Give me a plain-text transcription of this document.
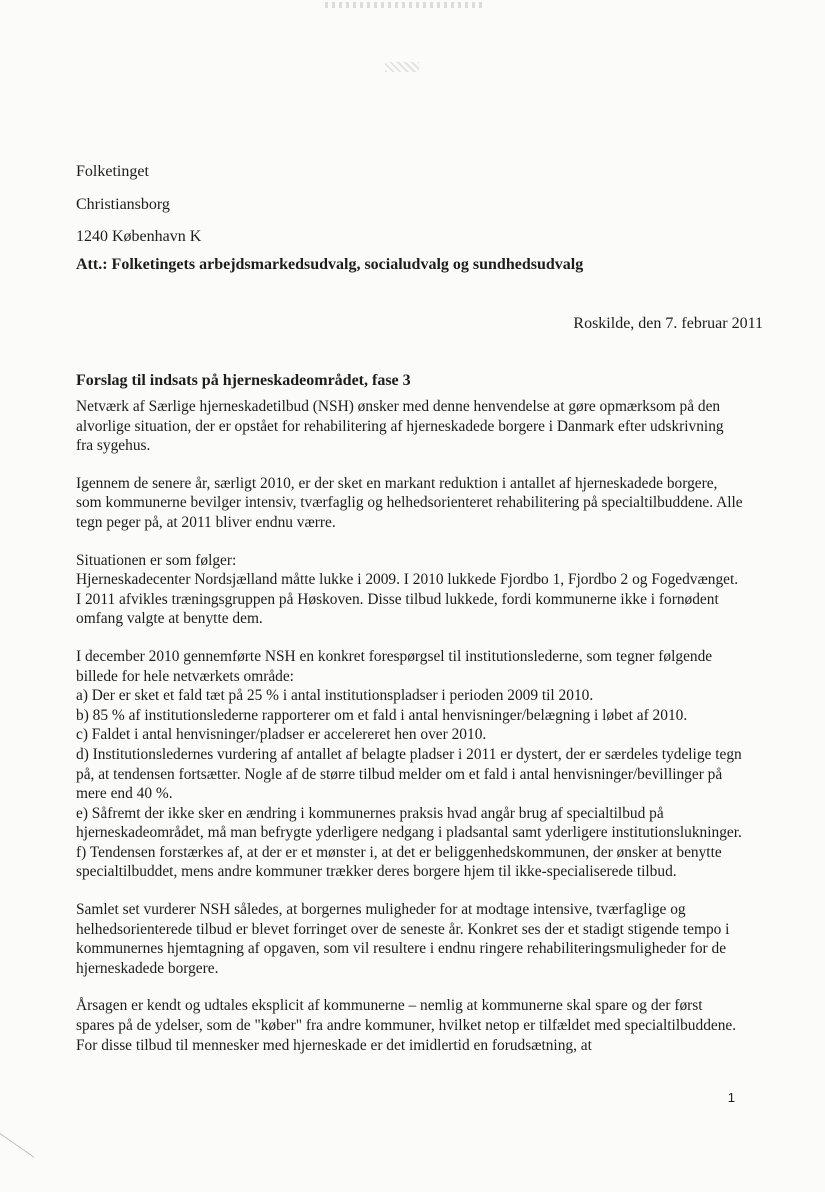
Folketinget
Christiansborg
1240 København K
Att.: Folketingets arbejdsmarkedsudvalg, socialudvalg og sundhedsudvalg
Roskilde, den 7. februar 2011
Forslag til indsats på hjerneskadeområdet, fase 3

Netværk af Særlige hjerneskadetilbud (NSH) ønsker med denne henvendelse at gøre opmærksom på den alvorlige situation, der er opstået for rehabilitering af hjerneskadede borgere i Danmark efter udskrivning fra sygehus.

Igennem de senere år, særligt 2010, er der sket en markant reduktion i antallet af hjerneskadede borgere, som kommunerne bevilger intensiv, tværfaglig og helhedsorienteret rehabilitering på specialtilbuddene. Alle tegn peger på, at 2011 bliver endnu værre.

Situationen er som følger:
Hjerneskadecenter Nordsjælland måtte lukke i 2009. I 2010 lukkede Fjordbo 1, Fjordbo 2 og Fogedvænget. I 2011 afvikles træningsgruppen på Høskoven. Disse tilbud lukkede, fordi kommunerne ikke i fornødent omfang valgte at benytte dem.

I december 2010 gennemførte NSH en konkret forespørgsel til institutionslederne, som tegner følgende billede for hele netværkets område:
a) Der er sket et fald tæt på 25 % i antal institutionspladser i perioden 2009 til 2010.
b) 85 % af institutionslederne rapporterer om et fald i antal henvisninger/belægning i løbet af 2010.
c) Faldet i antal henvisninger/pladser er accelereret hen over 2010.
d) Institutionsledernes vurdering af antallet af belagte pladser i 2011 er dystert, der er særdeles tydelige tegn på, at tendensen fortsætter. Nogle af de større tilbud melder om et fald i antal henvisninger/bevillinger på mere end 40 %.
e) Såfremt der ikke sker en ændring i kommunernes praksis hvad angår brug af specialtilbud på hjerneskadeområdet, må man befrygte yderligere nedgang i pladsantal samt yderligere institutionslukninger.
f) Tendensen forstærkes af, at der er et mønster i, at det er beliggenhedskommunen, der ønsker at benytte specialtilbuddet, mens andre kommuner trækker deres borgere hjem til ikke-specialiserede tilbud.

Samlet set vurderer NSH således, at borgernes muligheder for at modtage intensive, tværfaglige og helhedsorienterede tilbud er blevet forringet over de seneste år. Konkret ses der et stadigt stigende tempo i kommunernes hjemtagning af opgaven, som vil resultere i endnu ringere rehabiliteringsmuligheder for de hjerneskadede borgere.

Årsagen er kendt og udtales eksplicit af kommunerne – nemlig at kommunerne skal spare og der først spares på de ydelser, som de "køber" fra andre kommuner, hvilket netop er tilfældet med specialtilbuddene. For disse tilbud til mennesker med hjerneskade er det imidlertid en forudsætning, at

1
